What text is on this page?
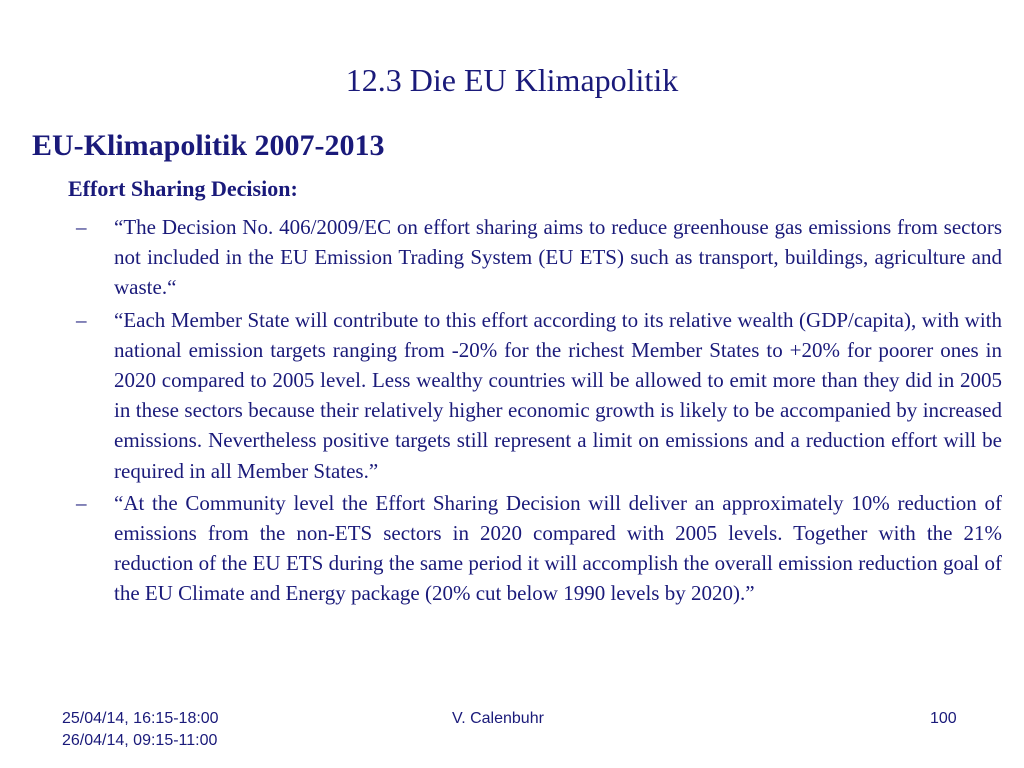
12.3 Die EU Klimapolitik
EU-Klimapolitik 2007-2013
Effort Sharing Decision:
–	“The Decision No. 406/2009/EC on effort sharing aims to reduce greenhouse gas emissions from sectors not included in the EU Emission Trading System (EU ETS) such as transport, buildings, agriculture and waste.“
–	“Each Member State will contribute to this effort according to its relative wealth (GDP/capita), with with national emission targets ranging from -20% for the richest Member States to +20% for poorer ones in 2020 compared to 2005 level. Less wealthy countries will be allowed to emit more than they did in 2005 in these sectors because their relatively higher economic growth is likely to be accompanied by increased emissions. Nevertheless positive targets still represent a limit on emissions and a reduction effort will be required in all Member States.”
–	“At the Community level the Effort Sharing Decision will deliver an approximately 10% reduction of emissions from the non-ETS sectors in 2020 compared with 2005 levels. Together with the 21% reduction of the EU ETS during the same period it will accomplish the overall emission reduction goal of the EU Climate and Energy package (20% cut below 1990 levels by 2020).”
25/04/14, 16:15-18:00
26/04/14, 09:15-11:00
V. Calenbuhr	100
